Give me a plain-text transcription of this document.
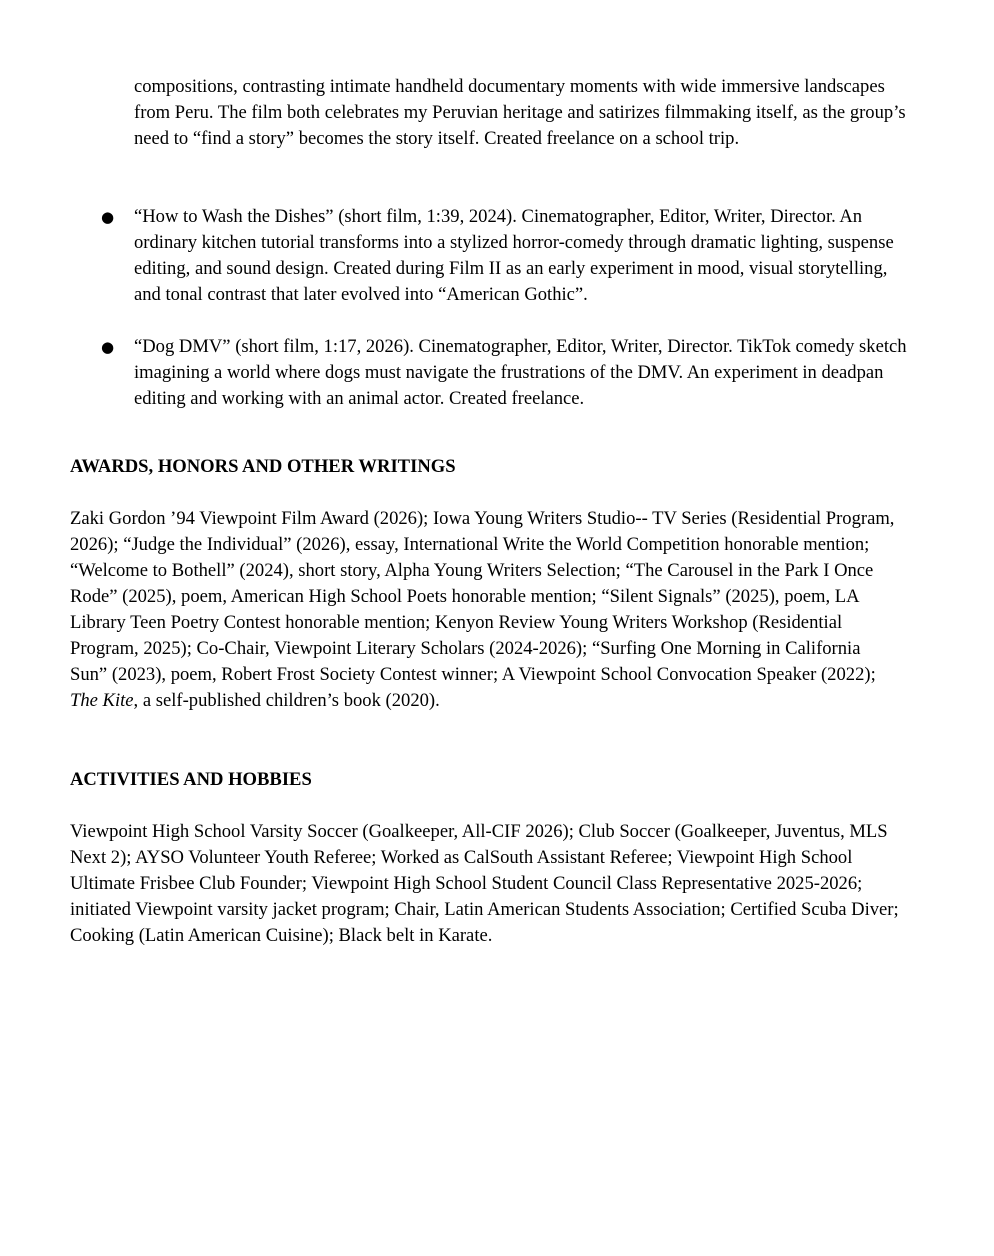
compositions, contrasting intimate handheld documentary moments with wide immersive landscapes from Peru. The film both celebrates my Peruvian heritage and satirizes filmmaking itself, as the group’s need to “find a story” becomes the story itself. Created freelance on a school trip.

● “How to Wash the Dishes” (short film, 1:39, 2024). Cinematographer, Editor, Writer, Director. An ordinary kitchen tutorial transforms into a stylized horror-comedy through dramatic lighting, suspense editing, and sound design. Created during Film II as an early experiment in mood, visual storytelling, and tonal contrast that later evolved into “American Gothic”.

● “Dog DMV” (short film, 1:17, 2026). Cinematographer, Editor, Writer, Director. TikTok comedy sketch imagining a world where dogs must navigate the frustrations of the DMV. An experiment in deadpan editing and working with an animal actor. Created freelance.

AWARDS, HONORS AND OTHER WRITINGS

Zaki Gordon ’94 Viewpoint Film Award (2026); Iowa Young Writers Studio-- TV Series (Residential Program, 2026); “Judge the Individual” (2026), essay, International Write the World Competition honorable mention; “Welcome to Bothell” (2024), short story, Alpha Young Writers Selection; “The Carousel in the Park I Once Rode” (2025), poem, American High School Poets honorable mention; “Silent Signals” (2025), poem, LA Library Teen Poetry Contest honorable mention; Kenyon Review Young Writers Workshop (Residential Program, 2025); Co-Chair, Viewpoint Literary Scholars (2024-2026); “Surfing One Morning in California Sun” (2023), poem, Robert Frost Society Contest winner; A Viewpoint School Convocation Speaker (2022); The Kite, a self-published children’s book (2020).

ACTIVITIES AND HOBBIES

Viewpoint High School Varsity Soccer (Goalkeeper, All-CIF 2026); Club Soccer (Goalkeeper, Juventus, MLS Next 2); AYSO Volunteer Youth Referee; Worked as CalSouth Assistant Referee; Viewpoint High School Ultimate Frisbee Club Founder; Viewpoint High School Student Council Class Representative 2025-2026; initiated Viewpoint varsity jacket program; Chair, Latin American Students Association; Certified Scuba Diver; Cooking (Latin American Cuisine); Black belt in Karate.
